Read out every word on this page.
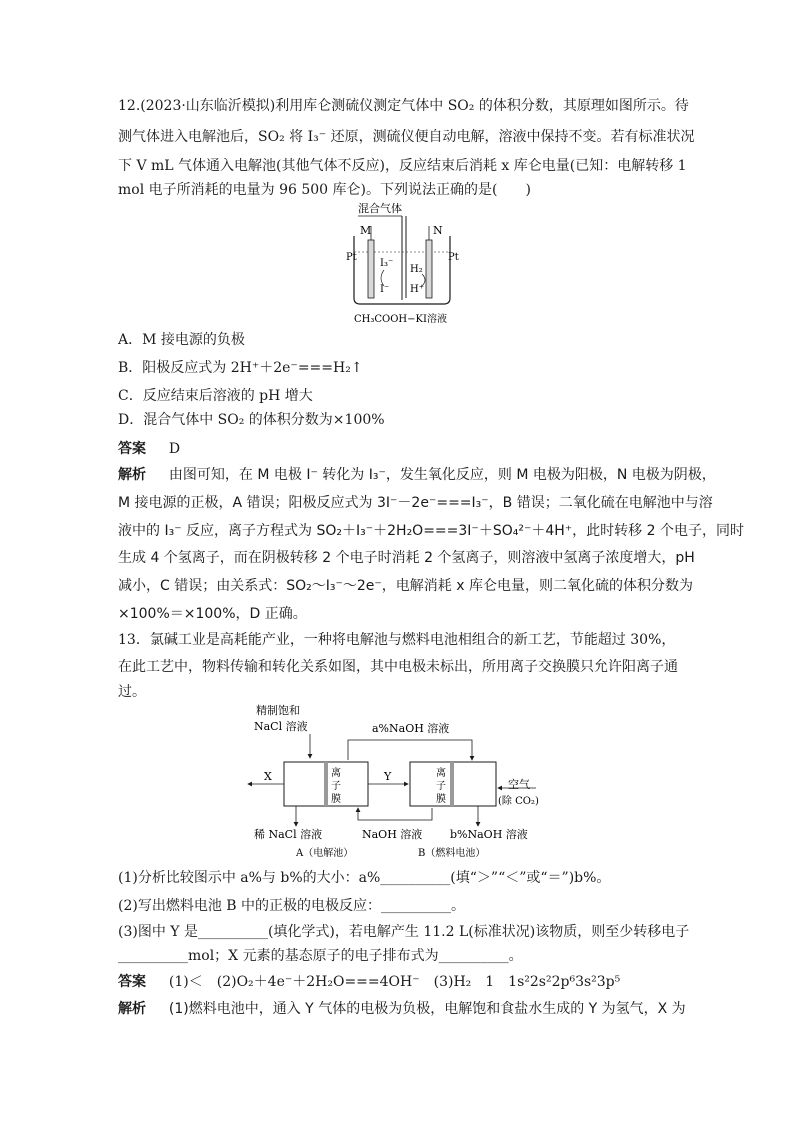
12.(2023·山东临沂模拟)利用库仑测硫仪测定气体中 SO₂ 的体积分数，其原理如图所示。待
测气体进入电解池后，SO₂ 将 I₃⁻ 还原，测硫仪便自动电解，溶液中保持不变。若有标准状况
下 V mL 气体通入电解池(其他气体不反应)，反应结束后消耗 x 库仑电量(已知：电解转移 1
mol 电子所消耗的电量为 96 500 库仑)。下列说法正确的是(　　)
混合气体
M	N
Pt	Pt
I₃⁻
I⁻
H₂
H⁺
CH₃COOH−KI溶液
A．M 接电源的负极
B．阳极反应式为 2H⁺＋2e⁻===H₂↑
C．反应结束后溶液的 pH 增大
D．混合气体中 SO₂ 的体积分数为×100%
答案 D
解析 由图可知，在 M 电极 I⁻ 转化为 I₃⁻，发生氧化反应，则 M 电极为阳极，N 电极为阴极，
M 接电源的正极，A 错误；阳极反应式为 3I⁻－2e⁻===I₃⁻，B 错误；二氧化硫在电解池中与溶
液中的 I₃⁻ 反应，离子方程式为 SO₂＋I₃⁻＋2H₂O===3I⁻＋SO₄²⁻＋4H⁺，此时转移 2 个电子，同时
生成 4 个氢离子，而在阴极转移 2 个电子时消耗 2 个氢离子，则溶液中氢离子浓度增大，pH
减小，C 错误；由关系式：SO₂～I₃⁻～2e⁻，电解消耗 x 库仑电量，则二氧化硫的体积分数为
×100%＝×100%，D 正确。
13．氯碱工业是高耗能产业，一种将电解池与燃料电池相组合的新工艺，节能超过 30%，
在此工艺中，物料传输和转化关系如图，其中电极未标出，所用离子交换膜只允许阳离子通
过。
精制饱和
NaCl 溶液	a%NaOH 溶液
离
子
膜
离
子
膜
X	Y
空气
(除 CO₂)
稀 NaCl 溶液	NaOH 溶液	b%NaOH 溶液
A（电解池）	B（燃料电池）
(1)分析比较图示中 a%与 b%的大小：a%__________(填“＞”“＜”或“＝”)b%。
(2)写出燃料电池 B 中的正极的电极反应：__________。
(3)图中 Y 是__________(填化学式)，若电解产生 11.2 L(标准状况)该物质，则至少转移电子
__________mol；X 元素的基态原子的电子排布式为__________。
答案 (1)＜　(2)O₂＋4e⁻＋2H₂O===4OH⁻　(3)H₂　1　1s²2s²2p⁶3s²3p⁵
解析 (1)燃料电池中，通入 Y 气体的电极为负极，电解饱和食盐水生成的 Y 为氢气，X 为
